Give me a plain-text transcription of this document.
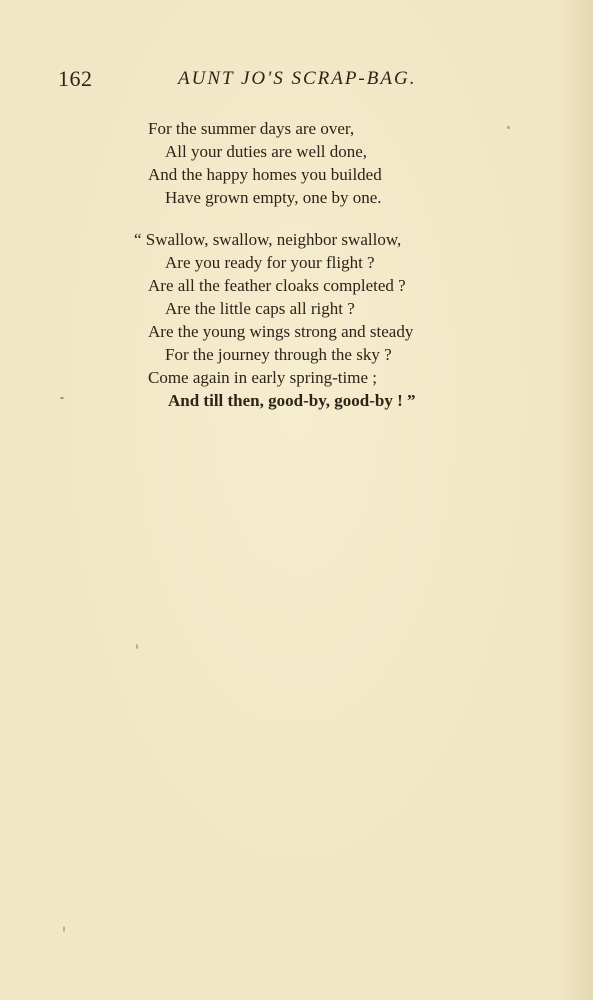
162	AUNT JO'S SCRAP-BAG.
For the summer days are over,
All your duties are well done,
And the happy homes you builded
Have grown empty, one by one.
“ Swallow, swallow, neighbor swallow,
Are you ready for your flight ?
Are all the feather cloaks completed ?
Are the little caps all right ?
Are the young wings strong and steady
For the journey through the sky ?
Come again in early spring-time ;
And till then, good-by, good-by ! ”
-
